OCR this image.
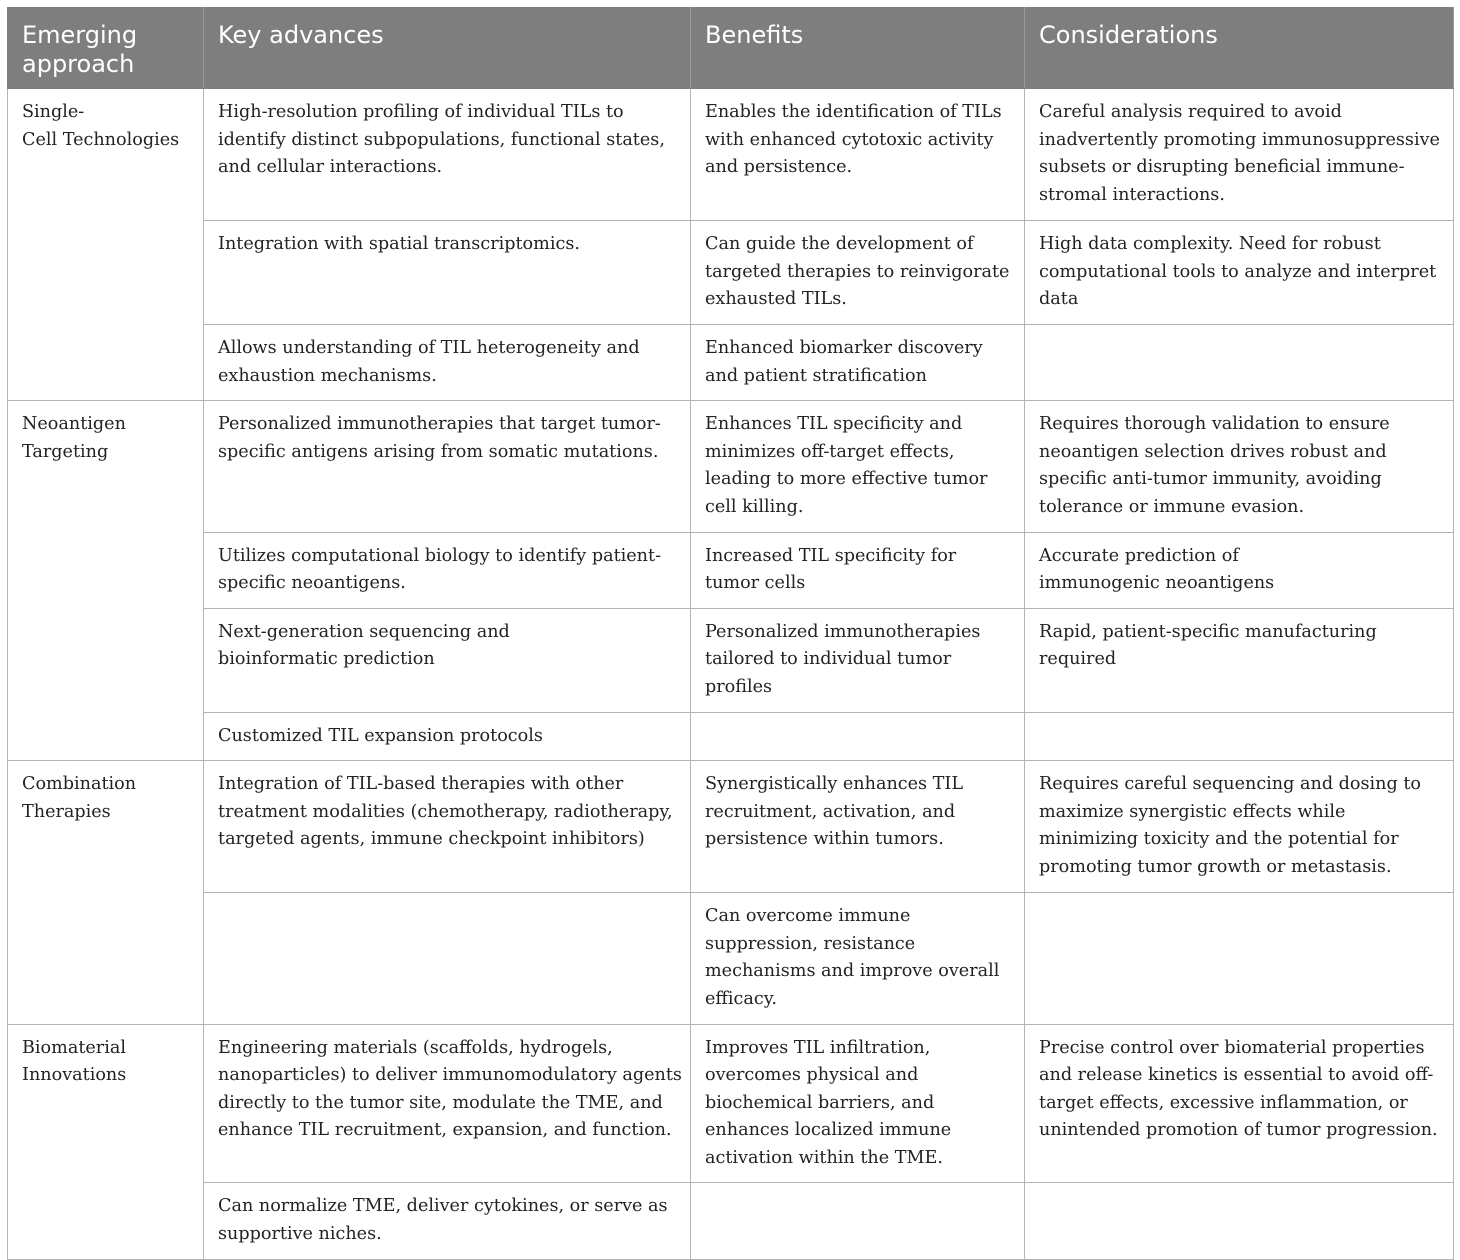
Emerging approach	Key advances	Benefits	Considerations
Single-
Cell Technologies	High-resolution profiling of individual TILs to identify distinct subpopulations, functional states, and cellular interactions.	Enables the identification of TILs with enhanced cytotoxic activity and persistence.	Careful analysis required to avoid inadvertently promoting immunosuppressive subsets or disrupting beneficial immune-
stromal interactions.
	Integration with spatial transcriptomics.	Can guide the development of targeted therapies to reinvigorate exhausted TILs.	High data complexity. Need for robust computational tools to analyze and interpret data
	Allows understanding of TIL heterogeneity and exhaustion mechanisms.	Enhanced biomarker discovery and patient stratification	
Neoantigen Targeting	Personalized immunotherapies that target tumor-specific antigens arising from somatic mutations.	Enhances TIL specificity and minimizes off-target effects, leading to more effective tumor cell killing.	Requires thorough validation to ensure neoantigen selection drives robust and specific anti-tumor immunity, avoiding tolerance or immune evasion.
	Utilizes computational biology to identify patient-specific neoantigens.	Increased TIL specificity for
tumor cells	Accurate prediction of
immunogenic neoantigens
	Next-generation sequencing and
bioinformatic prediction	Personalized immunotherapies tailored to individual tumor profiles	Rapid, patient-specific manufacturing required
	Customized TIL expansion protocols		
Combination Therapies	Integration of TIL-based therapies with other treatment modalities (chemotherapy, radiotherapy, targeted agents, immune checkpoint inhibitors)	Synergistically enhances TIL recruitment, activation, and persistence within tumors.	Requires careful sequencing and dosing to maximize synergistic effects while minimizing toxicity and the potential for promoting tumor growth or metastasis.
		Can overcome immune suppression, resistance mechanisms and improve overall efficacy.	
Biomaterial Innovations	Engineering materials (scaffolds, hydrogels, nanoparticles) to deliver immunomodulatory agents directly to the tumor site, modulate the TME, and enhance TIL recruitment, expansion, and function.	Improves TIL infiltration, overcomes physical and biochemical barriers, and enhances localized immune activation within the TME.	Precise control over biomaterial properties and release kinetics is essential to avoid off-target effects, excessive inflammation, or unintended promotion of tumor progression.
	Can normalize TME, deliver cytokines, or serve as supportive niches.		
